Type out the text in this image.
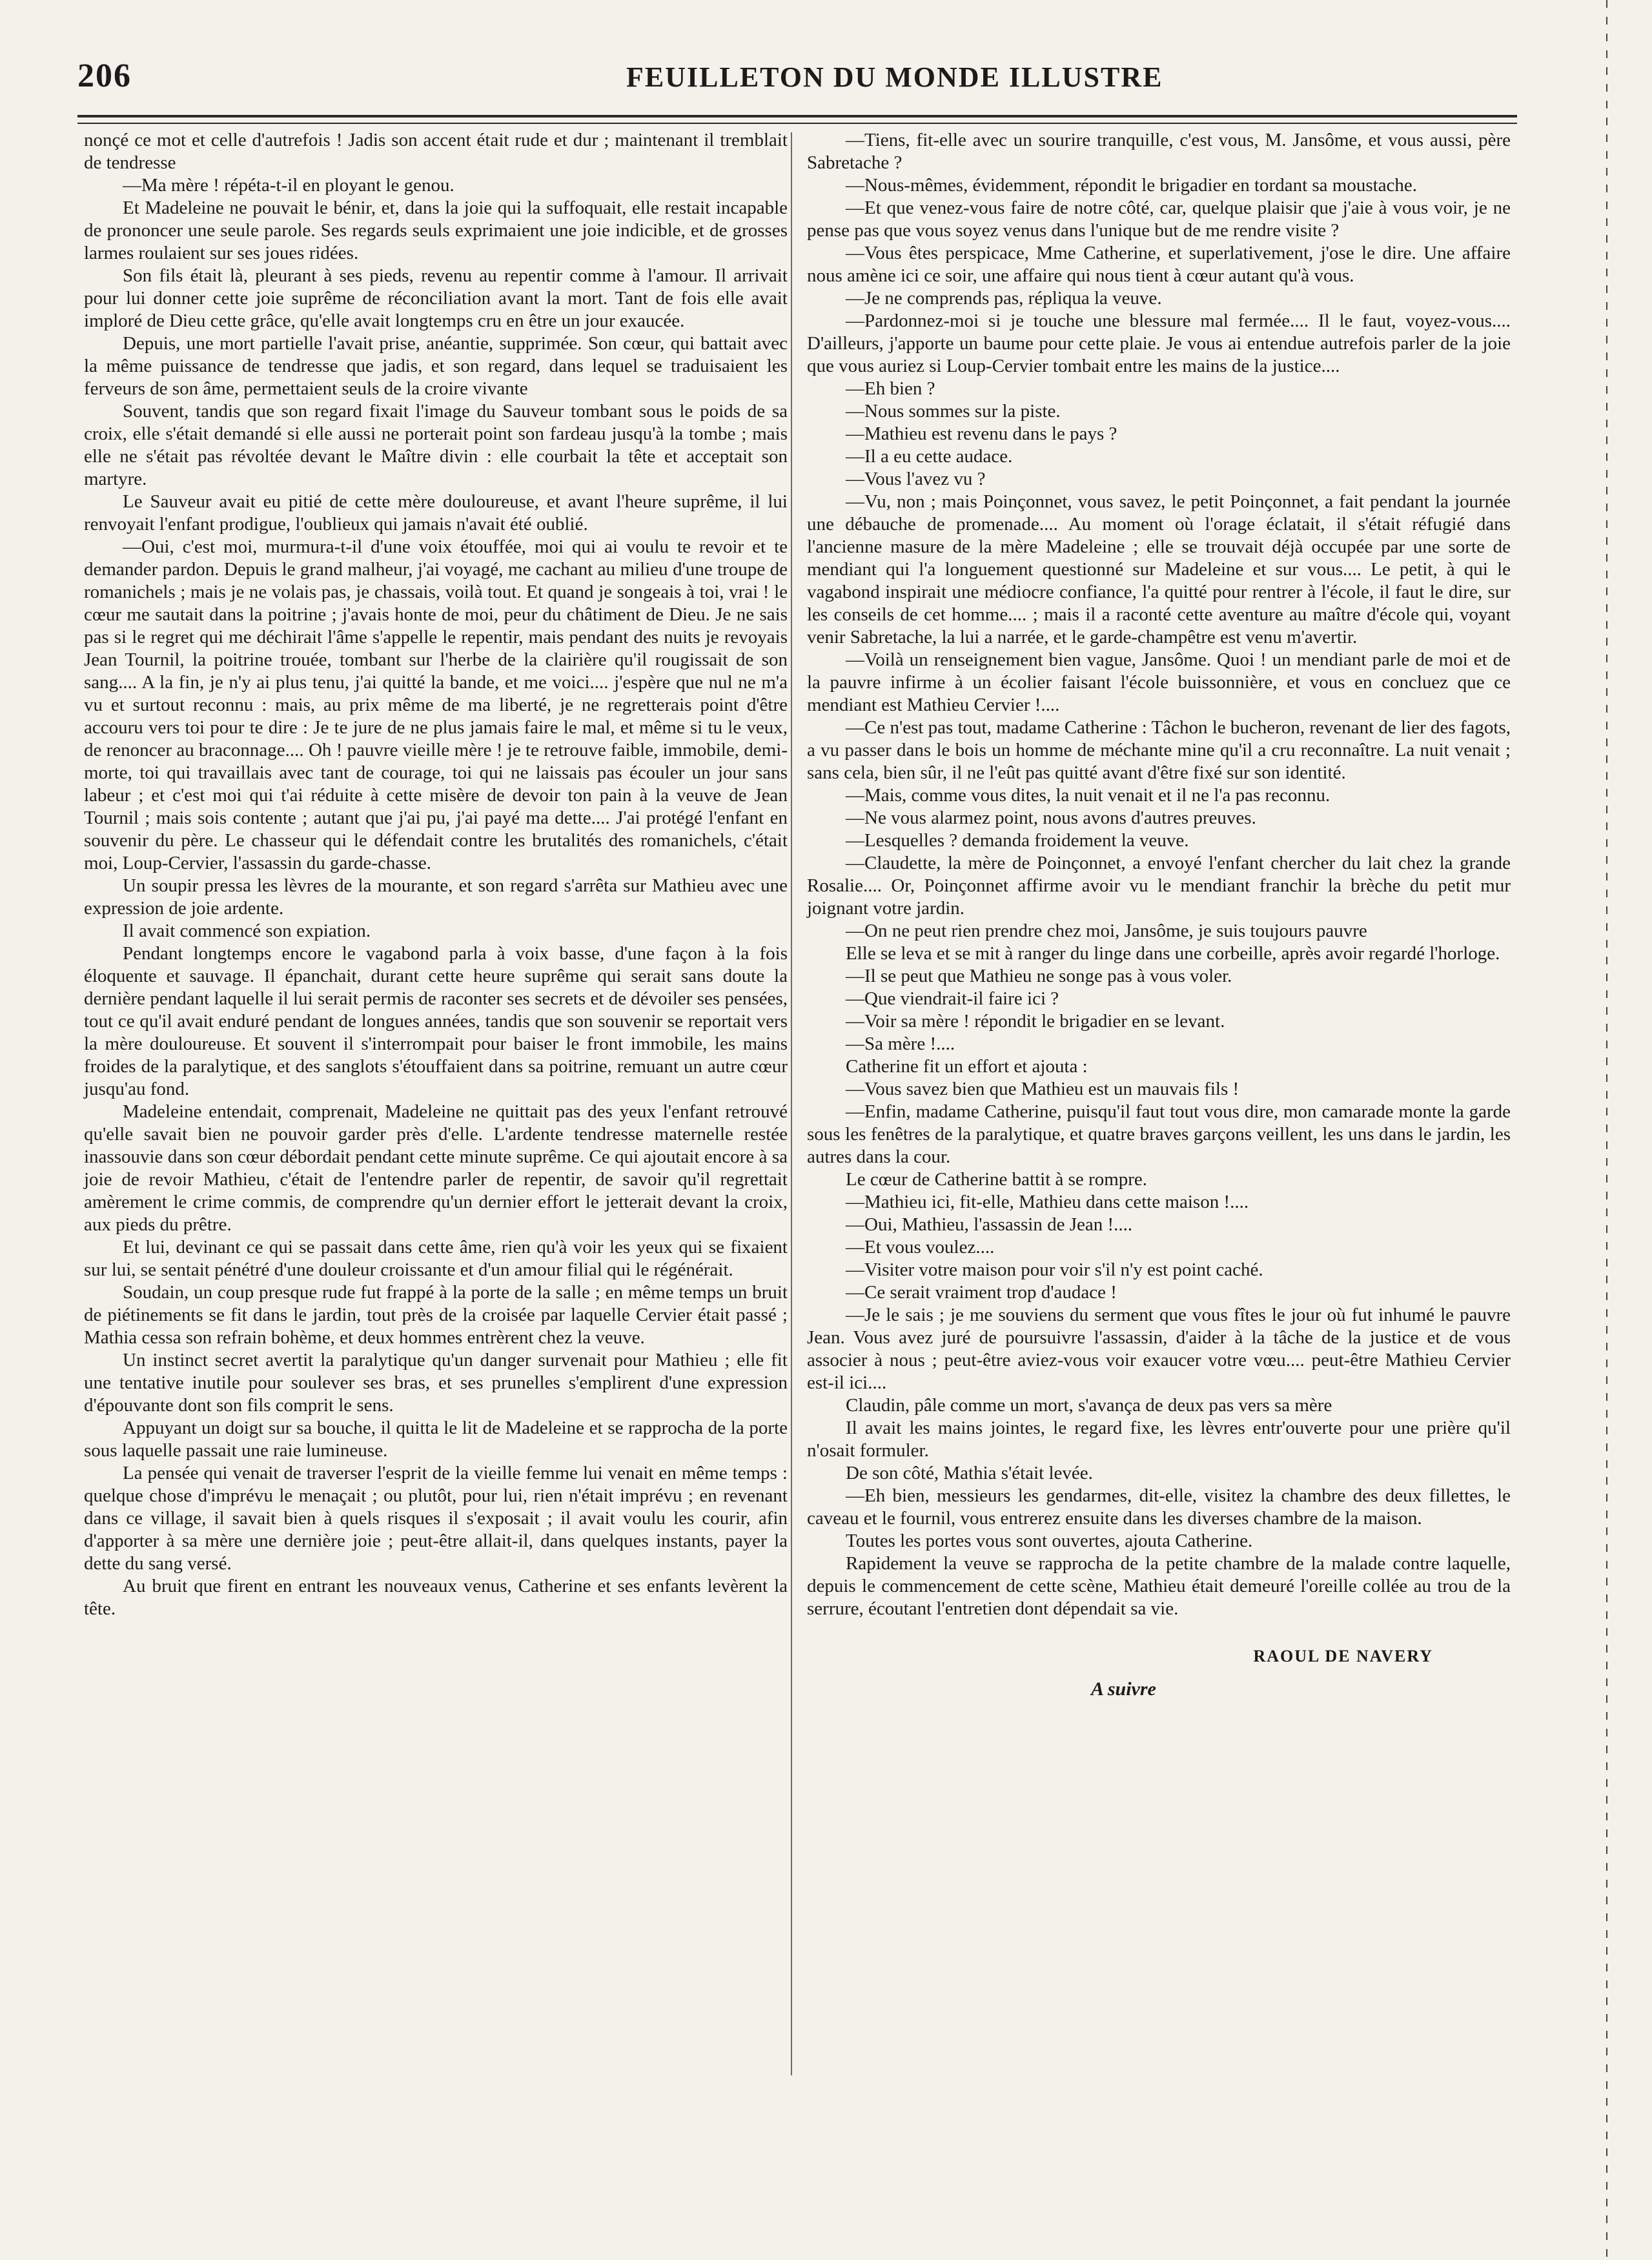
206	FEUILLETON DU MONDE ILLUSTRE

nonçé ce mot et celle d'autrefois ! Jadis son accent était rude et dur ; maintenant il tremblait de tendresse

—Ma mère ! répéta-t-il en ployant le genou.

Et Madeleine ne pouvait le bénir, et, dans la joie qui la suffoquait, elle restait incapable de prononcer une seule parole. Ses regards seuls exprimaient une joie indicible, et de grosses larmes roulaient sur ses joues ridées.

Son fils était là, pleurant à ses pieds, revenu au repentir comme à l'amour. Il arrivait pour lui donner cette joie suprême de réconciliation avant la mort. Tant de fois elle avait imploré de Dieu cette grâce, qu'elle avait longtemps cru en être un jour exaucée.

Depuis, une mort partielle l'avait prise, anéantie, supprimée. Son cœur, qui battait avec la même puissance de tendresse que jadis, et son regard, dans lequel se traduisaient les ferveurs de son âme, permettaient seuls de la croire vivante

Souvent, tandis que son regard fixait l'image du Sauveur tombant sous le poids de sa croix, elle s'était demandé si elle aussi ne porterait point son fardeau jusqu'à la tombe ; mais elle ne s'était pas révoltée devant le Maître divin : elle courbait la tête et acceptait son martyre.

Le Sauveur avait eu pitié de cette mère douloureuse, et avant l'heure suprême, il lui renvoyait l'enfant prodigue, l'oublieux qui jamais n'avait été oublié.

—Oui, c'est moi, murmura-t-il d'une voix étouffée, moi qui ai voulu te revoir et te demander pardon. Depuis le grand malheur, j'ai voyagé, me cachant au milieu d'une troupe de romanichels ; mais je ne volais pas, je chassais, voilà tout. Et quand je songeais à toi, vrai ! le cœur me sautait dans la poitrine ; j'avais honte de moi, peur du châtiment de Dieu. Je ne sais pas si le regret qui me déchirait l'âme s'appelle le repentir, mais pendant des nuits je revoyais Jean Tournil, la poitrine trouée, tombant sur l'herbe de la clairière qu'il rougissait de son sang.... A la fin, je n'y ai plus tenu, j'ai quitté la bande, et me voici.... j'espère que nul ne m'a vu et surtout reconnu : mais, au prix même de ma liberté, je ne regretterais point d'être accouru vers toi pour te dire : Je te jure de ne plus jamais faire le mal, et même si tu le veux, de renoncer au braconnage.... Oh ! pauvre vieille mère ! je te retrouve faible, immobile, demi-morte, toi qui travaillais avec tant de courage, toi qui ne laissais pas écouler un jour sans labeur ; et c'est moi qui t'ai réduite à cette misère de devoir ton pain à la veuve de Jean Tournil ; mais sois contente ; autant que j'ai pu, j'ai payé ma dette.... J'ai protégé l'enfant en souvenir du père. Le chasseur qui le défendait contre les brutalités des romanichels, c'était moi, Loup-Cervier, l'assassin du garde-chasse.

Un soupir pressa les lèvres de la mourante, et son regard s'arrêta sur Mathieu avec une expression de joie ardente.

Il avait commencé son expiation.

Pendant longtemps encore le vagabond parla à voix basse, d'une façon à la fois éloquente et sauvage. Il épanchait, durant cette heure suprême qui serait sans doute la dernière pendant laquelle il lui serait permis de raconter ses secrets et de dévoiler ses pensées, tout ce qu'il avait enduré pendant de longues années, tandis que son souvenir se reportait vers la mère douloureuse. Et souvent il s'interrompait pour baiser le front immobile, les mains froides de la paralytique, et des sanglots s'étouffaient dans sa poitrine, remuant un autre cœur jusqu'au fond.

Madeleine entendait, comprenait, Madeleine ne quittait pas des yeux l'enfant retrouvé qu'elle savait bien ne pouvoir garder près d'elle. L'ardente tendresse maternelle restée inassouvie dans son cœur débordait pendant cette minute suprême. Ce qui ajoutait encore à sa joie de revoir Mathieu, c'était de l'entendre parler de repentir, de savoir qu'il regrettait amèrement le crime commis, de comprendre qu'un dernier effort le jetterait devant la croix, aux pieds du prêtre.

Et lui, devinant ce qui se passait dans cette âme, rien qu'à voir les yeux qui se fixaient sur lui, se sentait pénétré d'une douleur croissante et d'un amour filial qui le régénérait.

Soudain, un coup presque rude fut frappé à la porte de la salle ; en même temps un bruit de piétinements se fit dans le jardin, tout près de la croisée par laquelle Cervier était passé ; Mathia cessa son refrain bohème, et deux hommes entrèrent chez la veuve.

Un instinct secret avertit la paralytique qu'un danger survenait pour Mathieu ; elle fit une tentative inutile pour soulever ses bras, et ses prunelles s'emplirent d'une expression d'épouvante dont son fils comprit le sens.

Appuyant un doigt sur sa bouche, il quitta le lit de Madeleine et se rapprocha de la porte sous laquelle passait une raie lumineuse.

La pensée qui venait de traverser l'esprit de la vieille femme lui venait en même temps : quelque chose d'imprévu le menaçait ; ou plutôt, pour lui, rien n'était imprévu ; en revenant dans ce village, il savait bien à quels risques il s'exposait ; il avait voulu les courir, afin d'apporter à sa mère une dernière joie ; peut-être allait-il, dans quelques instants, payer la dette du sang versé.

Au bruit que firent en entrant les nouveaux venus, Catherine et ses enfants levèrent la tête.

—Tiens, fit-elle avec un sourire tranquille, c'est vous, M. Jansôme, et vous aussi, père Sabretache ?

—Nous-mêmes, évidemment, répondit le brigadier en tordant sa moustache.

—Et que venez-vous faire de notre côté, car, quelque plaisir que j'aie à vous voir, je ne pense pas que vous soyez venus dans l'unique but de me rendre visite ?

—Vous êtes perspicace, Mme Catherine, et superlativement, j'ose le dire. Une affaire nous amène ici ce soir, une affaire qui nous tient à cœur autant qu'à vous.

—Je ne comprends pas, répliqua la veuve.

—Pardonnez-moi si je touche une blessure mal fermée.... Il le faut, voyez-vous.... D'ailleurs, j'apporte un baume pour cette plaie. Je vous ai entendue autrefois parler de la joie que vous auriez si Loup-Cervier tombait entre les mains de la justice....

—Eh bien ?

—Nous sommes sur la piste.

—Mathieu est revenu dans le pays ?

—Il a eu cette audace.

—Vous l'avez vu ?

—Vu, non ; mais Poinçonnet, vous savez, le petit Poinçonnet, a fait pendant la journée une débauche de promenade.... Au moment où l'orage éclatait, il s'était réfugié dans l'ancienne masure de la mère Madeleine ; elle se trouvait déjà occupée par une sorte de mendiant qui l'a longuement questionné sur Madeleine et sur vous.... Le petit, à qui le vagabond inspirait une médiocre confiance, l'a quitté pour rentrer à l'école, il faut le dire, sur les conseils de cet homme.... ; mais il a raconté cette aventure au maître d'école qui, voyant venir Sabretache, la lui a narrée, et le garde-champêtre est venu m'avertir.

—Voilà un renseignement bien vague, Jansôme. Quoi ! un mendiant parle de moi et de la pauvre infirme à un écolier faisant l'école buissonnière, et vous en concluez que ce mendiant est Mathieu Cervier !....

—Ce n'est pas tout, madame Catherine : Tâchon le bucheron, revenant de lier des fagots, a vu passer dans le bois un homme de méchante mine qu'il a cru reconnaître. La nuit venait ; sans cela, bien sûr, il ne l'eût pas quitté avant d'être fixé sur son identité.

—Mais, comme vous dites, la nuit venait et il ne l'a pas reconnu.

—Ne vous alarmez point, nous avons d'autres preuves.

—Lesquelles ? demanda froidement la veuve.

—Claudette, la mère de Poinçonnet, a envoyé l'enfant chercher du lait chez la grande Rosalie.... Or, Poinçonnet affirme avoir vu le mendiant franchir la brèche du petit mur joignant votre jardin.

—On ne peut rien prendre chez moi, Jansôme, je suis toujours pauvre

Elle se leva et se mit à ranger du linge dans une corbeille, après avoir regardé l'horloge.

—Il se peut que Mathieu ne songe pas à vous voler.

—Que viendrait-il faire ici ?

—Voir sa mère ! répondit le brigadier en se levant.

—Sa mère !....

Catherine fit un effort et ajouta :

—Vous savez bien que Mathieu est un mauvais fils !

—Enfin, madame Catherine, puisqu'il faut tout vous dire, mon camarade monte la garde sous les fenêtres de la paralytique, et quatre braves garçons veillent, les uns dans le jardin, les autres dans la cour.

Le cœur de Catherine battit à se rompre.

—Mathieu ici, fit-elle, Mathieu dans cette maison !....

—Oui, Mathieu, l'assassin de Jean !....

—Et vous voulez....

—Visiter votre maison pour voir s'il n'y est point caché.

—Ce serait vraiment trop d'audace !

—Je le sais ; je me souviens du serment que vous fîtes le jour où fut inhumé le pauvre Jean. Vous avez juré de poursuivre l'assassin, d'aider à la tâche de la justice et de vous associer à nous ; peut-être aviez-vous voir exaucer votre vœu.... peut-être Mathieu Cervier est-il ici....

Claudin, pâle comme un mort, s'avança de deux pas vers sa mère

Il avait les mains jointes, le regard fixe, les lèvres entr'ouverte pour une prière qu'il n'osait formuler.

De son côté, Mathia s'était levée.

—Eh bien, messieurs les gendarmes, dit-elle, visitez la chambre des deux fillettes, le caveau et le fournil, vous entrerez ensuite dans les diverses chambre de la maison.

Toutes les portes vous sont ouvertes, ajouta Catherine.

Rapidement la veuve se rapprocha de la petite chambre de la malade contre laquelle, depuis le commencement de cette scène, Mathieu était demeuré l'oreille collée au trou de la serrure, écoutant l'entretien dont dépendait sa vie.

RAOUL DE NAVERY
A suivre
